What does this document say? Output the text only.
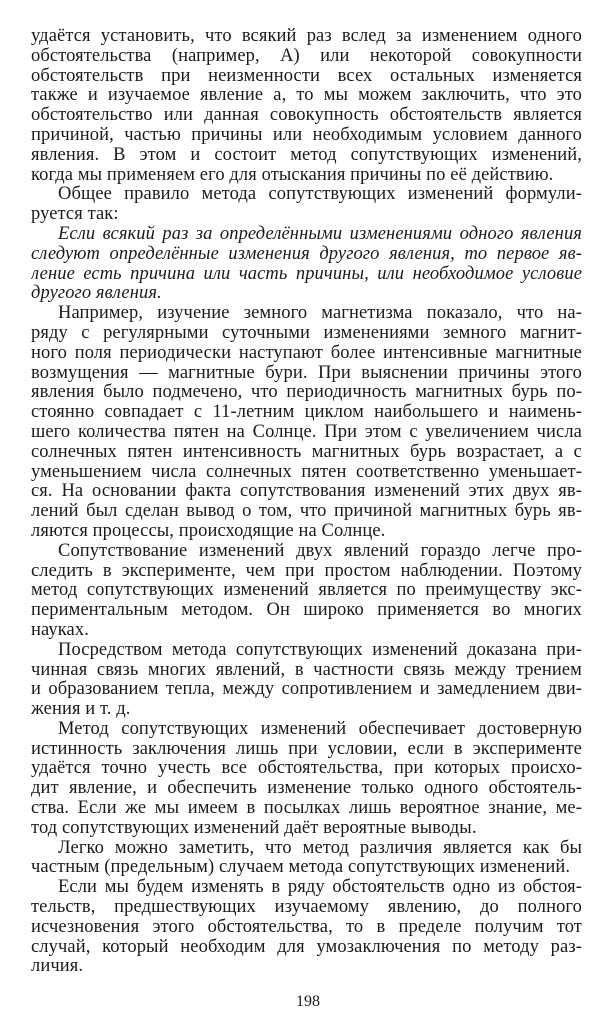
удаётся установить, что всякий раз вслед за изменением одного
обстоятельства (например, A) или некоторой совокупности
обстоятельств при неизменности всех остальных изменяется
также и изучаемое явление a, то мы можем заключить, что это
обстоятельство или данная совокупность обстоятельств является
причиной, частью причины или необходимым условием данного
явления. В этом и состоит метод сопутствующих изменений,
когда мы применяем его для отыскания причины по её действию.
Общее правило метода сопутствующих изменений формули-
руется так:
Если всякий раз за определёнными изменениями одного явления
следуют определённые изменения другого явления, то первое яв-
ление есть причина или часть причины, или необходимое условие
другого явления.
Например, изучение земного магнетизма показало, что на-
ряду с регулярными суточными изменениями земного магнит-
ного поля периодически наступают более интенсивные магнитные
возмущения — магнитные бури. При выяснении причины этого
явления было подмечено, что периодичность магнитных бурь по-
стоянно совпадает с 11-летним циклом наибольшего и наимень-
шего количества пятен на Солнце. При этом с увеличением числа
солнечных пятен интенсивность магнитных бурь возрастает, а с
уменьшением числа солнечных пятен соответственно уменьшает-
ся. На основании факта сопутствования изменений этих двух яв-
лений был сделан вывод о том, что причиной магнитных бурь яв-
ляются процессы, происходящие на Солнце.
Сопутствование изменений двух явлений гораздо легче про-
следить в эксперименте, чем при простом наблюдении. Поэтому
метод сопутствующих изменений является по преимуществу экс-
периментальным методом. Он широко применяется во многих
науках.
Посредством метода сопутствующих изменений доказана при-
чинная связь многих явлений, в частности связь между трением
и образованием тепла, между сопротивлением и замедлением дви-
жения и т. д.
Метод сопутствующих изменений обеспечивает достоверную
истинность заключения лишь при условии, если в эксперименте
удаётся точно учесть все обстоятельства, при которых происхо-
дит явление, и обеспечить изменение только одного обстоятель-
ства. Если же мы имеем в посылках лишь вероятное знание, ме-
тод сопутствующих изменений даёт вероятные выводы.
Легко можно заметить, что метод различия является как бы
частным (предельным) случаем метода сопутствующих изменений.
Если мы будем изменять в ряду обстоятельств одно из обстоя-
тельств, предшествующих изучаемому явлению, до полного
исчезновения этого обстоятельства, то в пределе получим тот
случай, который необходим для умозаключения по методу раз-
личия.
198
